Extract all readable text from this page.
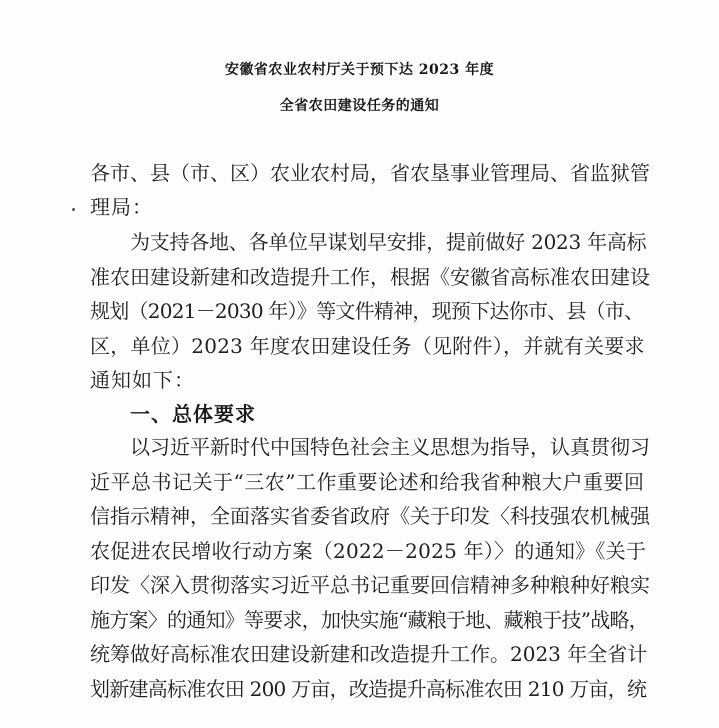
安徽省农业农村厅关于预下达 2023 年度
全省农田建设任务的通知
各市、县（市、区）农业农村局，省农垦事业管理局、省监狱管
理局：
为支持各地、各单位早谋划早安排，提前做好 2023 年高标
准农田建设新建和改造提升工作，根据《安徽省高标准农田建设
规划（2021－2030 年）》等文件精神，现预下达你市、县（市、
区，单位）2023 年度农田建设任务（见附件），并就有关要求
通知如下：
一、总体要求
以习近平新时代中国特色社会主义思想为指导，认真贯彻习
近平总书记关于“三农”工作重要论述和给我省种粮大户重要回
信指示精神，全面落实省委省政府《关于印发〈科技强农机械强
农促进农民增收行动方案（2022－2025 年）〉的通知》《关于
印发〈深入贯彻落实习近平总书记重要回信精神多种粮种好粮实
施方案〉的通知》等要求，加快实施“藏粮于地、藏粮于技”战略，
统筹做好高标准农田建设新建和改造提升工作。2023 年全省计
划新建高标准农田 200 万亩，改造提升高标准农田 210 万亩，统
